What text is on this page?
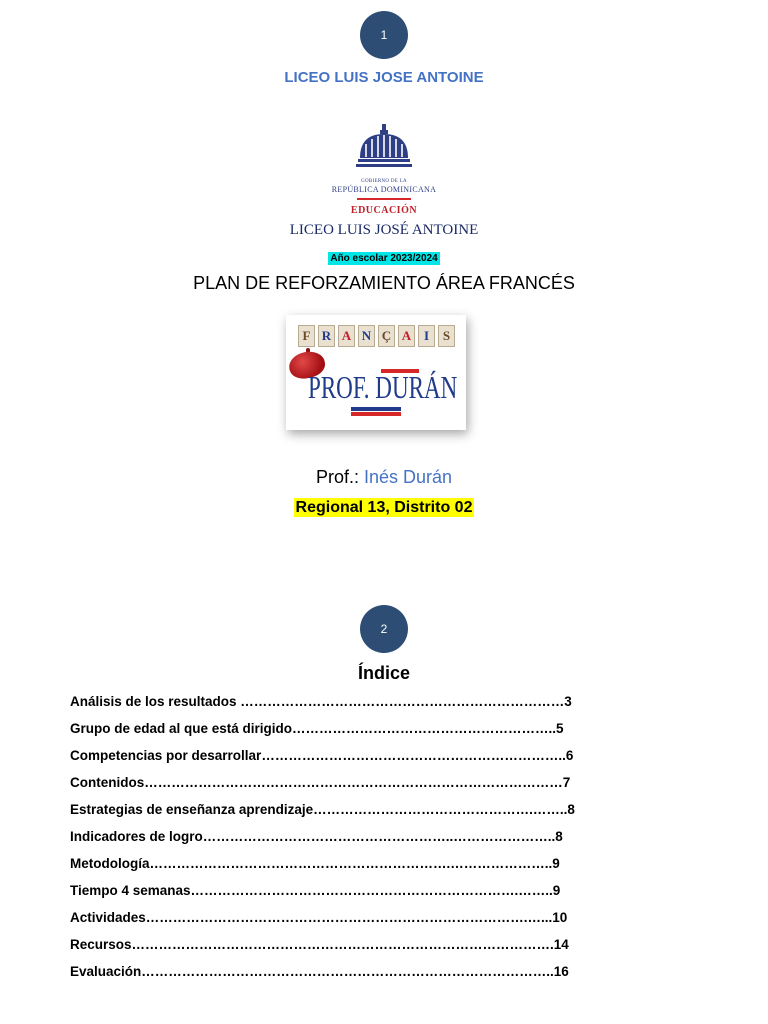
1
LICEO LUIS JOSE ANTOINE
GOBIERNO DE LA
REPÚBLICA DOMINICANA
EDUCACIÓN
LICEO LUIS JOSÉ ANTOINE
Año escolar 2023/2024
PLAN DE REFORZAMIENTO ÁREA FRANCÉS
F R A N Ç A I	S
PROF. DURÁN
Prof.: Inés Durán
Regional 13, Distrito 02
2
Índice
Análisis de los resultados ………………………………………………………………3
Grupo de edad al que está dirigido…………………………………………………..5
Competencias por desarrollar…………………………………………………………..6
Contenidos…………………………………………………………………………………7
Estrategias de enseñanza aprendizaje………………………………………….……..8
Indicadores de logro………………………………………………..…………………..8
Metodología………………………………………………………….…………………..9
Tiempo 4 semanas……………………………………………………………….……..9
Actividades………………………………………………………………………….…...10
Recursos………………………………………………………………………………….14
Evaluación………………………………………………………………………………..16
